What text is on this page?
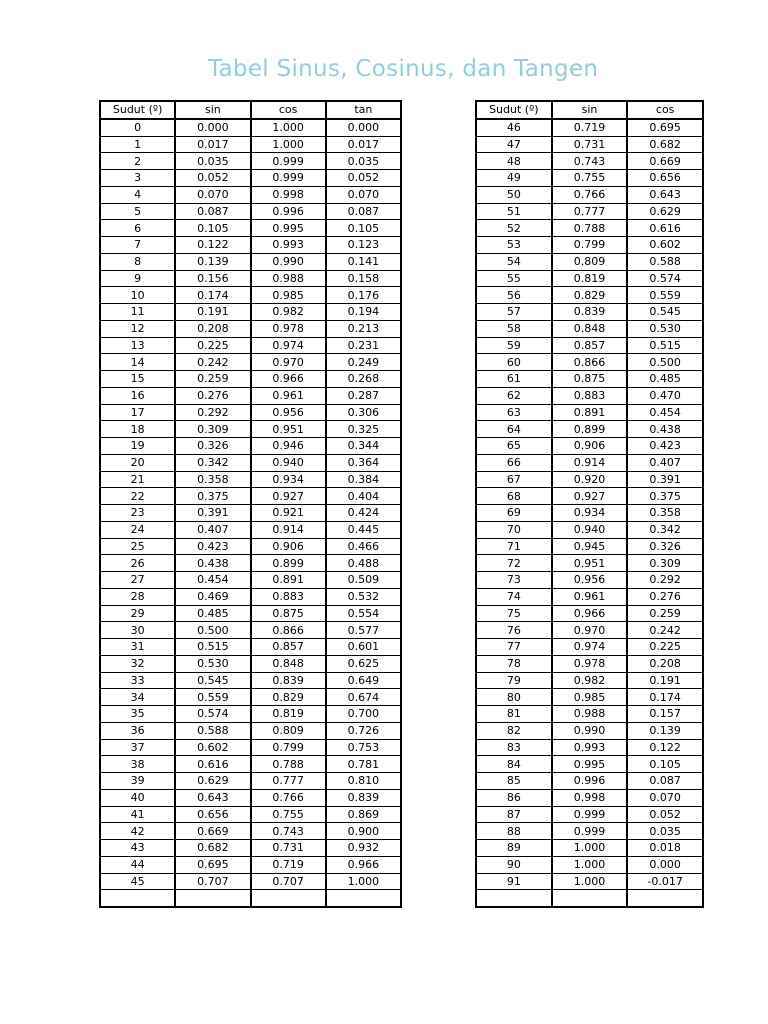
Tabel Sinus, Cosinus, dan Tangen
Sudut (º)	sin	cos	tan
0	0.000	1.000	0.000
1	0.017	1.000	0.017
2	0.035	0.999	0.035
3	0.052	0.999	0.052
4	0.070	0.998	0.070
5	0.087	0.996	0.087
6	0.105	0.995	0.105
7	0.122	0.993	0.123
8	0.139	0.990	0.141
9	0.156	0.988	0.158
10	0.174	0.985	0.176
11	0.191	0.982	0.194
12	0.208	0.978	0.213
13	0.225	0.974	0.231
14	0.242	0.970	0.249
15	0.259	0.966	0.268
16	0.276	0.961	0.287
17	0.292	0.956	0.306
18	0.309	0.951	0.325
19	0.326	0.946	0.344
20	0.342	0.940	0.364
21	0.358	0.934	0.384
22	0.375	0.927	0.404
23	0.391	0.921	0.424
24	0.407	0.914	0.445
25	0.423	0.906	0.466
26	0.438	0.899	0.488
27	0.454	0.891	0.509
28	0.469	0.883	0.532
29	0.485	0.875	0.554
30	0.500	0.866	0.577
31	0.515	0.857	0.601
32	0.530	0.848	0.625
33	0.545	0.839	0.649
34	0.559	0.829	0.674
35	0.574	0.819	0.700
36	0.588	0.809	0.726
37	0.602	0.799	0.753
38	0.616	0.788	0.781
39	0.629	0.777	0.810
40	0.643	0.766	0.839
41	0.656	0.755	0.869
42	0.669	0.743	0.900
43	0.682	0.731	0.932
44	0.695	0.719	0.966
45	0.707	0.707	1.000

Sudut (º)	sin	cos
46	0.719	0.695
47	0.731	0.682
48	0.743	0.669
49	0.755	0.656
50	0.766	0.643
51	0.777	0.629
52	0.788	0.616
53	0.799	0.602
54	0.809	0.588
55	0.819	0.574
56	0.829	0.559
57	0.839	0.545
58	0.848	0.530
59	0.857	0.515
60	0.866	0.500
61	0.875	0.485
62	0.883	0.470
63	0.891	0.454
64	0.899	0.438
65	0.906	0.423
66	0.914	0.407
67	0.920	0.391
68	0.927	0.375
69	0.934	0.358
70	0.940	0.342
71	0.945	0.326
72	0.951	0.309
73	0.956	0.292
74	0.961	0.276
75	0.966	0.259
76	0.970	0.242
77	0.974	0.225
78	0.978	0.208
79	0.982	0.191
80	0.985	0.174
81	0.988	0.157
82	0.990	0.139
83	0.993	0.122
84	0.995	0.105
85	0.996	0.087
86	0.998	0.070
87	0.999	0.052
88	0.999	0.035
89	1.000	0.018
90	1.000	0.000
91	1.000	-0.017
